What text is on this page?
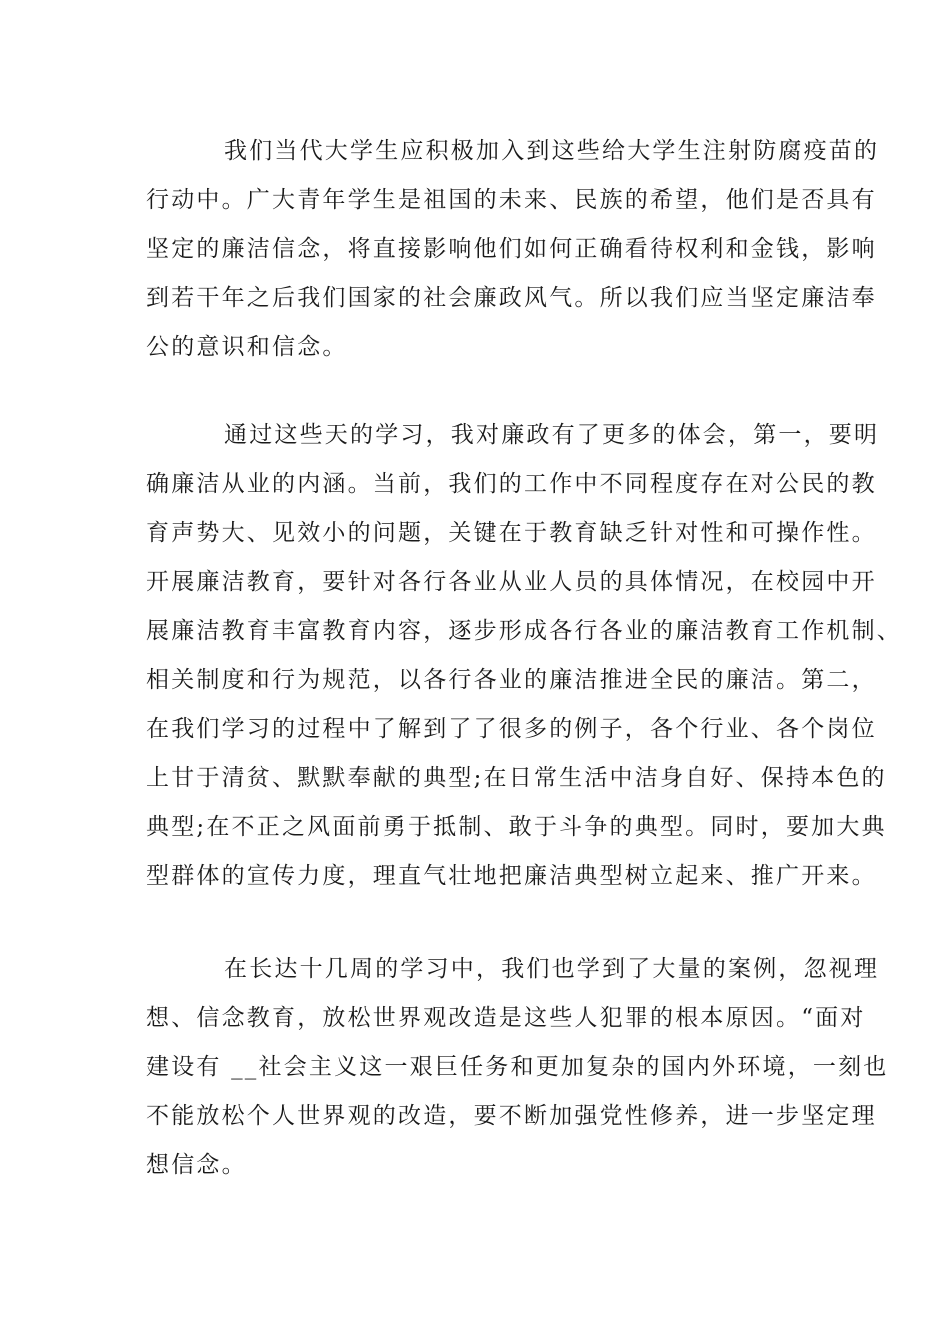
我们当代大学生应积极加入到这些给大学生注射防腐疫苗的
行动中。广大青年学生是祖国的未来、民族的希望，他们是否具有
坚定的廉洁信念，将直接影响他们如何正确看待权利和金钱，影响
到若干年之后我们国家的社会廉政风气。所以我们应当坚定廉洁奉
公的意识和信念。
通过这些天的学习，我对廉政有了更多的体会，第一，要明
确廉洁从业的内涵。当前，我们的工作中不同程度存在对公民的教
育声势大、见效小的问题，关键在于教育缺乏针对性和可操作性。
开展廉洁教育，要针对各行各业从业人员的具体情况，在校园中开
展廉洁教育丰富教育内容，逐步形成各行各业的廉洁教育工作机制、
相关制度和行为规范，以各行各业的廉洁推进全民的廉洁。第二，
在我们学习的过程中了解到了了很多的例子，各个行业、各个岗位
上甘于清贫、默默奉献的典型;在日常生活中洁身自好、保持本色的
典型;在不正之风面前勇于抵制、敢于斗争的典型。同时，要加大典
型群体的宣传力度，理直气壮地把廉洁典型树立起来、推广开来。
在长达十几周的学习中，我们也学到了大量的案例，忽视理
想、信念教育，放松世界观改造是这些人犯罪的根本原因。“面对
建设有 __社会主义这一艰巨任务和更加复杂的国内外环境，一刻也
不能放松个人世界观的改造，要不断加强党性修养，进一步坚定理
想信念。
